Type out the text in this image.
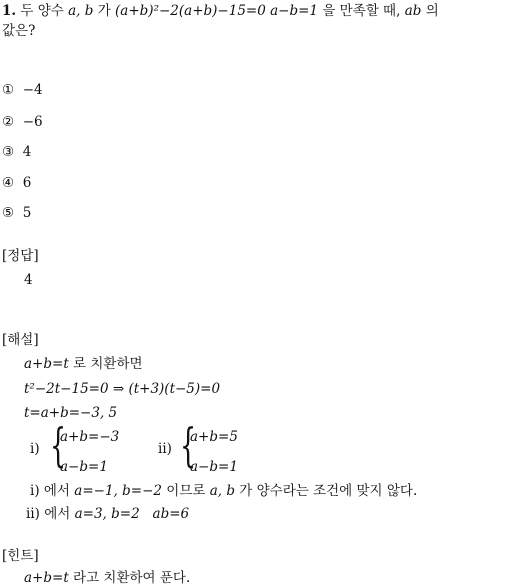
1. 두 양수 a, b 가 (a+b)²−2(a+b)−15=0 a−b=1 을 만족할 때, ab 의
값은?
① −4
② −6
③ 4
④ 6
⑤ 5
[정답]
4
[해설]
a+b=t 로 치환하면
t²−2t−15=0 ⇒ (t+3)(t−5)=0
t=a+b=−3, 5
ⅰ) {
a+b=−3
a−b=1
ⅱ) {
a+b=5
a−b=1
ⅰ) 에서 a=−1, b=−2 이므로 a, b 가 양수라는 조건에 맞지 않다.
ⅱ) 에서 a=3, b=2 ab=6
[힌트]
a+b=t 라고 치환하여 푼다.
